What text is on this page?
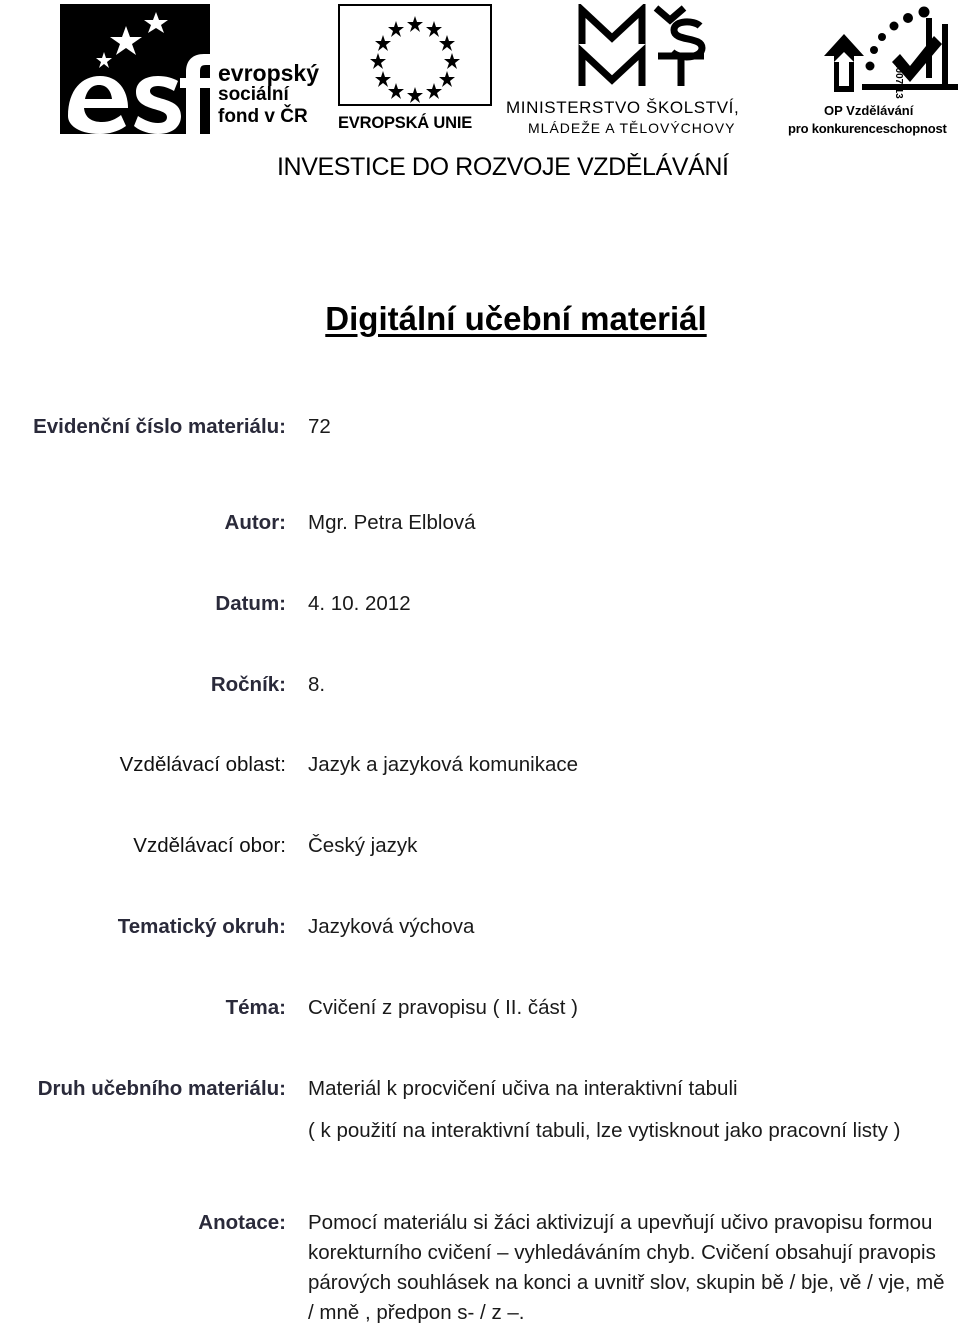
evropský
sociální
fond v ČR	EVROPSKÁ UNIE
MINISTERSTVO ŠKOLSTVÍ,
MLÁDEŽE A TĚLOVÝCHOVY
OP Vzdělávání
pro konkurenceschopnost
2007-13
INVESTICE DO ROZVOJE VZDĚLÁVÁNÍ
Digitální učební materiál
Evidenční číslo materiálu: 72
Autor: Mgr. Petra Elblová
Datum: 4. 10. 2012
Ročník: 8.
Vzdělávací oblast: Jazyk a jazyková komunikace
Vzdělávací obor: Český jazyk
Tematický okruh: Jazyková výchova
Téma: Cvičení z pravopisu ( II. část )
Druh učebního materiálu: Materiál k procvičení učiva na interaktivní tabuli
( k použití na interaktivní tabuli, lze vytisknout jako pracovní listy )
Anotace: Pomocí materiálu si žáci aktivizují a upevňují učivo pravopisu formou korekturního cvičení – vyhledáváním chyb. Cvičení obsahují pravopis párových souhlásek na konci a uvnitř slov, skupin bě / bje, vě / vje, mě / mně , předpon s- / z –.
